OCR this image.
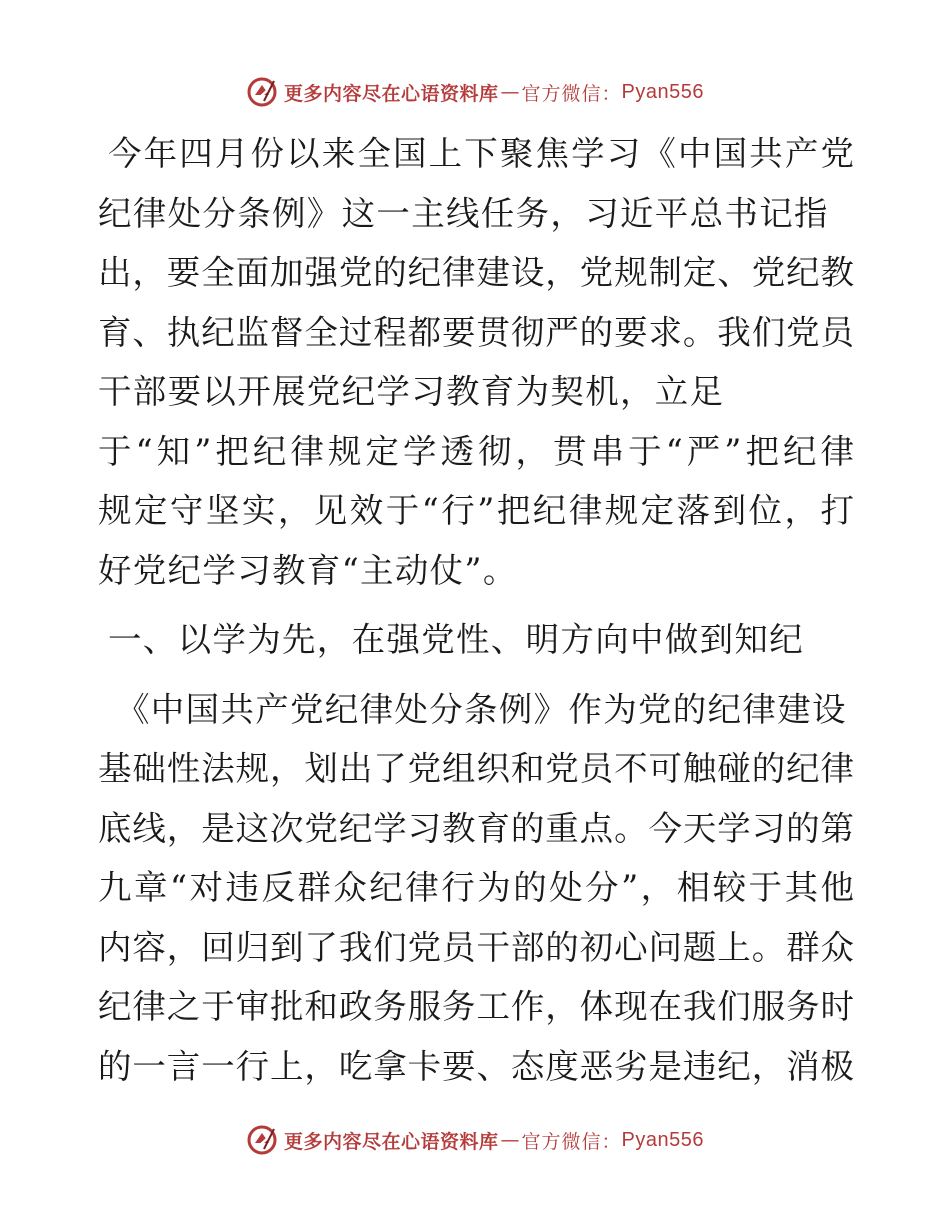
更多内容尽在心语资料库 — 官方微信： Pyan556
今年四月份以来全国上下聚焦学习《中国共产党
纪律处分条例》这一主线任务，习近平总书记指
出，要全面加强党的纪律建设，党规制定、党纪教
育、执纪监督全过程都要贯彻严的要求。我们党员
干部要以开展党纪学习教育为契机，立足
于“知”把纪律规定学透彻，贯串于“严”把纪律
规定守坚实，见效于“行”把纪律规定落到位，打
好党纪学习教育“主动仗”。
一、以学为先，在强党性、明方向中做到知纪
《中国共产党纪律处分条例》作为党的纪律建设
基础性法规，划出了党组织和党员不可触碰的纪律
底线，是这次党纪学习教育的重点。今天学习的第
九章“对违反群众纪律行为的处分”，相较于其他
内容，回归到了我们党员干部的初心问题上。群众
纪律之于审批和政务服务工作，体现在我们服务时
的一言一行上，吃拿卡要、态度恶劣是违纪，消极
更多内容尽在心语资料库 — 官方微信： Pyan556
